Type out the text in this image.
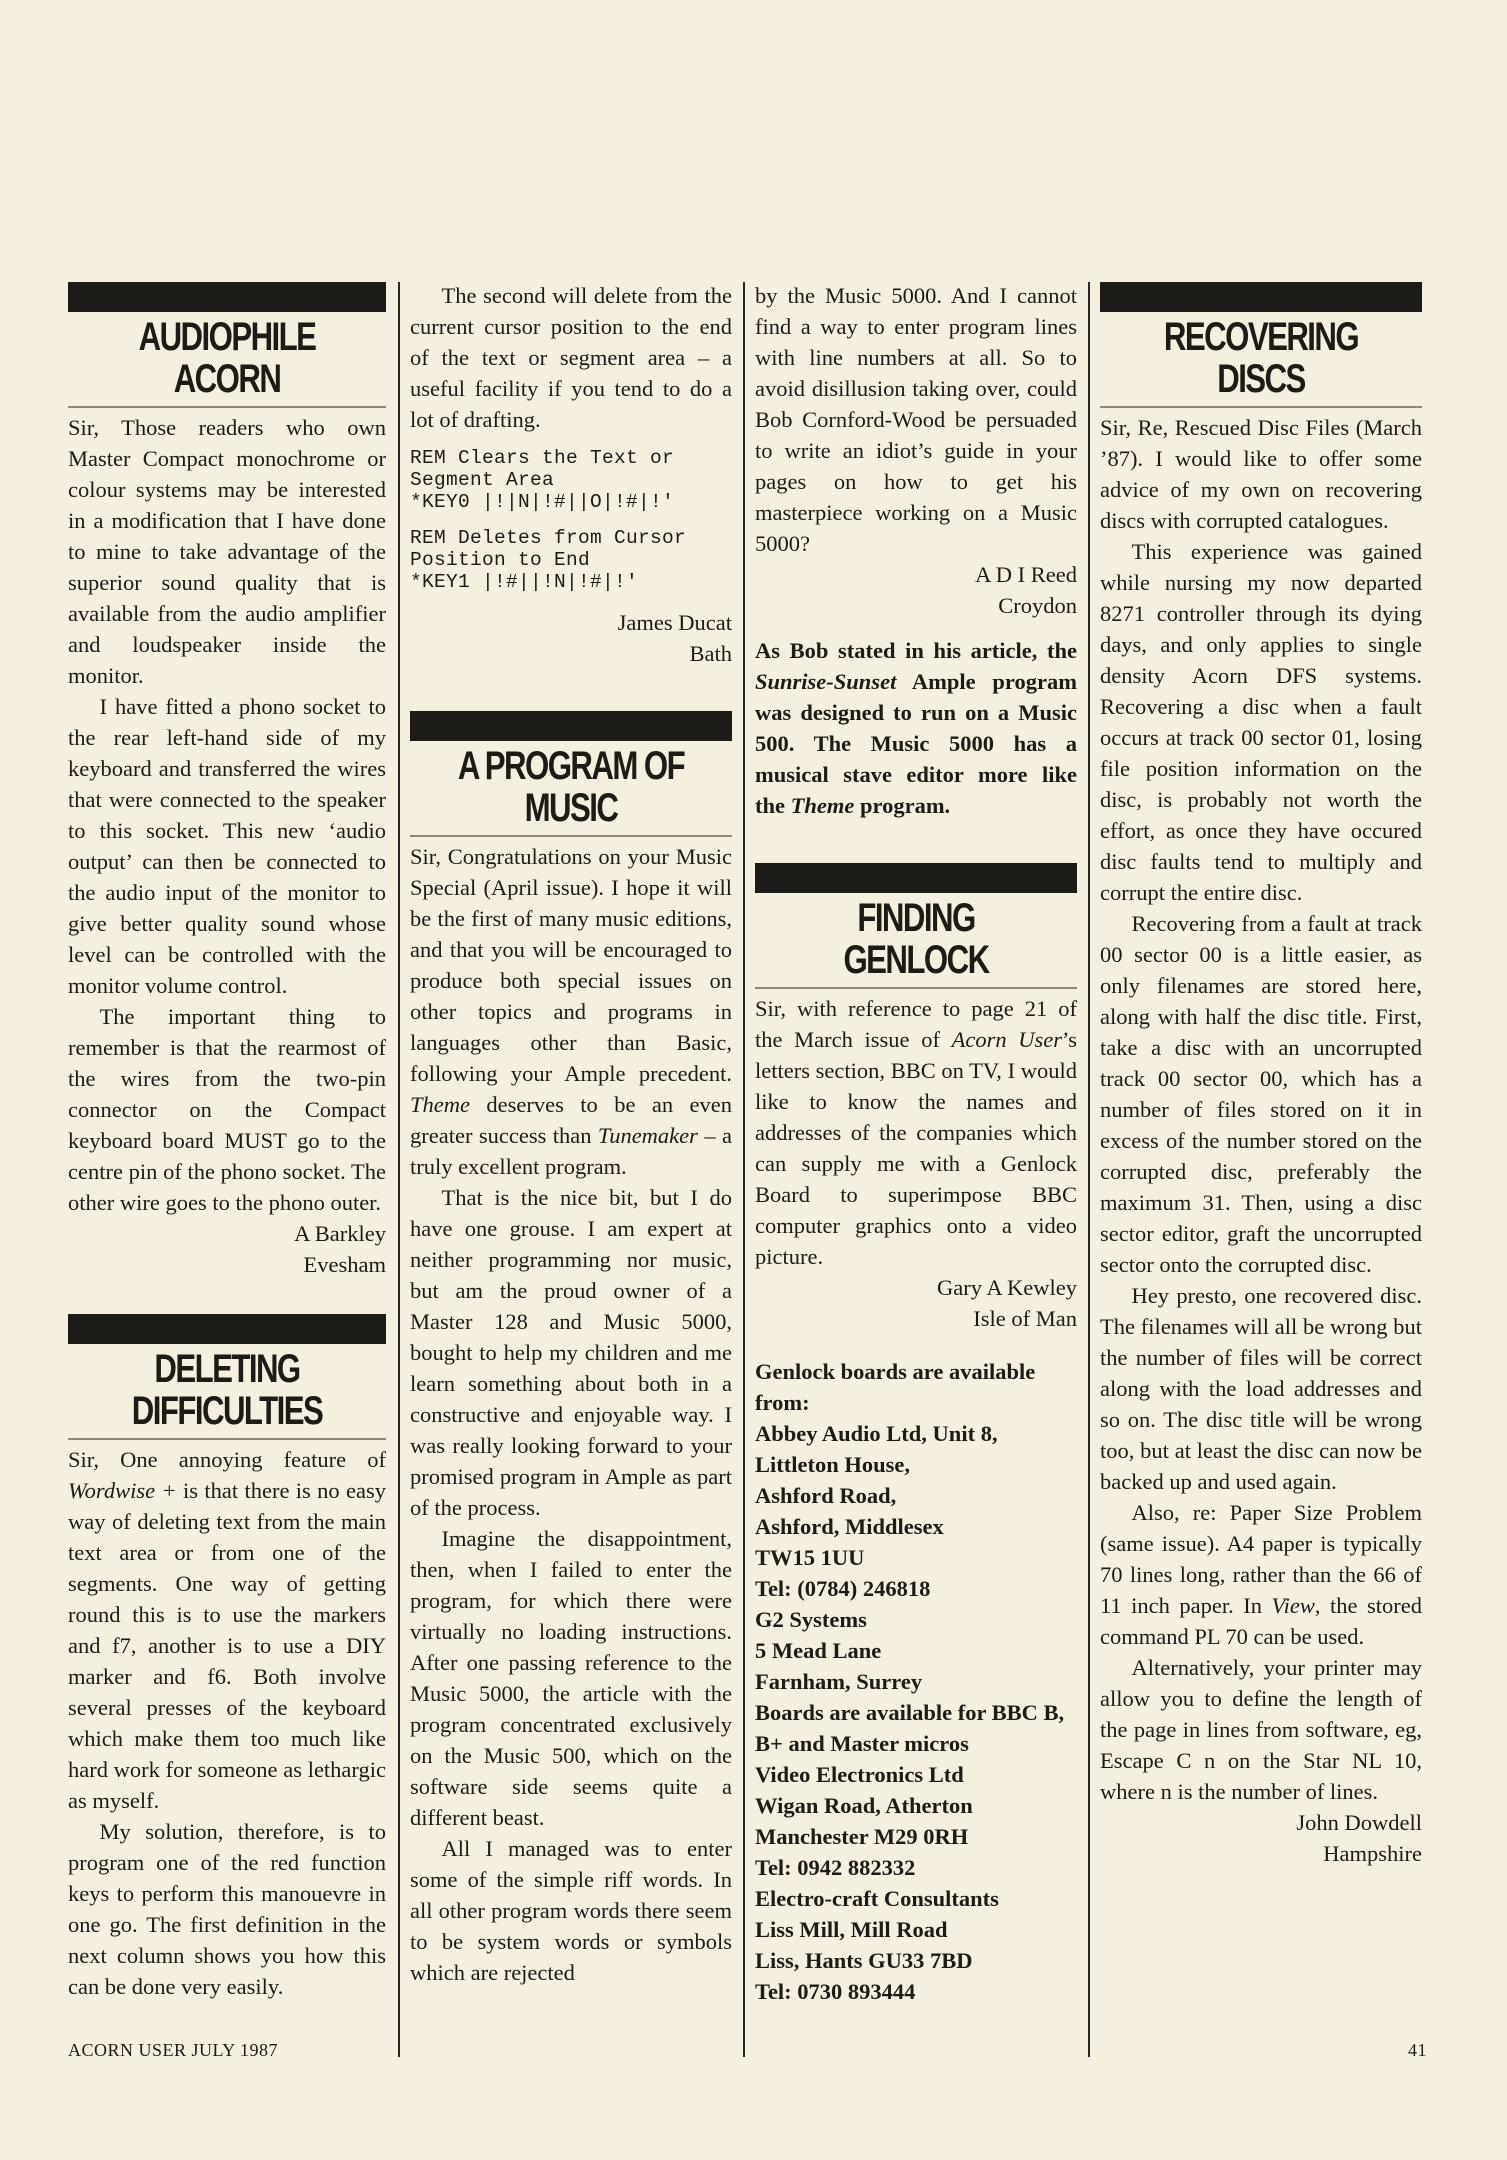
AUDIOPHILE
ACORN

Sir, Those readers who own Master Compact monochrome or colour systems may be interested in a modification that I have done to mine to take advantage of the superior sound quality that is available from the audio amplifier and loudspeaker inside the monitor.

I have fitted a phono socket to the rear left-hand side of my keyboard and transferred the wires that were connected to the speaker to this socket. This new ‘audio output’ can then be connected to the audio input of the monitor to give better quality sound whose level can be controlled with the monitor volume control.

The important thing to remember is that the rearmost of the wires from the two-pin connector on the Compact keyboard board MUST go to the centre pin of the phono socket. The other wire goes to the phono outer.

A Barkley
Evesham
DELETING
DIFFICULTIES

Sir, One annoying feature of Wordwise + is that there is no easy way of deleting text from the main text area or from one of the segments. One way of getting round this is to use the markers and f7, another is to use a DIY marker and f6. Both involve several presses of the keyboard which make them too much like hard work for someone as lethargic as myself.

My solution, therefore, is to program one of the red function keys to perform this manouevre in one go. The first definition in the next column shows you how this can be done very easily.

The second will delete from the current cursor position to the end of the text or segment area – a useful facility if you tend to do a lot of drafting.

REM Clears the Text or
Segment Area
*KEY0 |!|N|!#||O|!#|!'
REM Deletes from Cursor
Position to End
*KEY1 |!#||!N|!#|!'
James Ducat
Bath
A PROGRAM OF
MUSIC

Sir, Congratulations on your Music Special (April issue). I hope it will be the first of many music editions, and that you will be encouraged to produce both special issues on other topics and programs in languages other than Basic, following your Ample precedent. Theme deserves to be an even greater success than Tunemaker – a truly excellent program.

That is the nice bit, but I do have one grouse. I am expert at neither programming nor music, but am the proud owner of a Master 128 and Music 5000, bought to help my children and me learn something about both in a constructive and enjoyable way. I was really looking forward to your promised program in Ample as part of the process.

Imagine the disappointment, then, when I failed to enter the program, for which there were virtually no loading instructions. After one passing reference to the Music 5000, the article with the program concentrated exclusively on the Music 500, which on the software side seems quite a different beast.

All I managed was to enter some of the simple riff words. In all other program words there seem to be system words or symbols which are rejected

by the Music 5000. And I cannot find a way to enter program lines with line numbers at all. So to avoid disillusion taking over, could Bob Cornford-Wood be persuaded to write an idiot’s guide in your pages on how to get his masterpiece working on a Music 5000?

A D I Reed
Croydon

As Bob stated in his article, the Sunrise-Sunset Ample program was designed to run on a Music 500. The Music 5000 has a musical stave editor more like the Theme program.

FINDING
GENLOCK

Sir, with reference to page 21 of the March issue of Acorn User’s letters section, BBC on TV, I would like to know the names and addresses of the companies which can supply me with a Genlock Board to superimpose BBC computer graphics onto a video picture.

Gary A Kewley
Isle of Man
Genlock boards are available from:
Abbey Audio Ltd, Unit 8,
Littleton House,
Ashford Road,
Ashford, Middlesex
TW15 1UU
Tel: (0784) 246818
G2 Systems
5 Mead Lane
Farnham, Surrey
Boards are available for BBC B,
B+ and Master micros
Video Electronics Ltd
Wigan Road, Atherton
Manchester M29 0RH
Tel: 0942 882332
Electro-craft Consultants
Liss Mill, Mill Road
Liss, Hants GU33 7BD
Tel: 0730 893444
RECOVERING
DISCS

Sir, Re, Rescued Disc Files (March ’87). I would like to offer some advice of my own on recovering discs with corrupted catalogues.

This experience was gained while nursing my now departed 8271 controller through its dying days, and only applies to single density Acorn DFS systems. Recovering a disc when a fault occurs at track 00 sector 01, losing file position information on the disc, is probably not worth the effort, as once they have occured disc faults tend to multiply and corrupt the entire disc.

Recovering from a fault at track 00 sector 00 is a little easier, as only filenames are stored here, along with half the disc title. First, take a disc with an uncorrupted track 00 sector 00, which has a number of files stored on it in excess of the number stored on the corrupted disc, preferably the maximum 31. Then, using a disc sector editor, graft the uncorrupted sector onto the corrupted disc.

Hey presto, one recovered disc. The filenames will all be wrong but the number of files will be correct along with the load addresses and so on. The disc title will be wrong too, but at least the disc can now be backed up and used again.

Also, re: Paper Size Problem (same issue). A4 paper is typically 70 lines long, rather than the 66 of 11 inch paper. In View, the stored command PL 70 can be used.

Alternatively, your printer may allow you to define the length of the page in lines from software, eg, Escape C n on the Star NL 10, where n is the number of lines.

John Dowdell
Hampshire
ACORN USER JULY 1987	41
